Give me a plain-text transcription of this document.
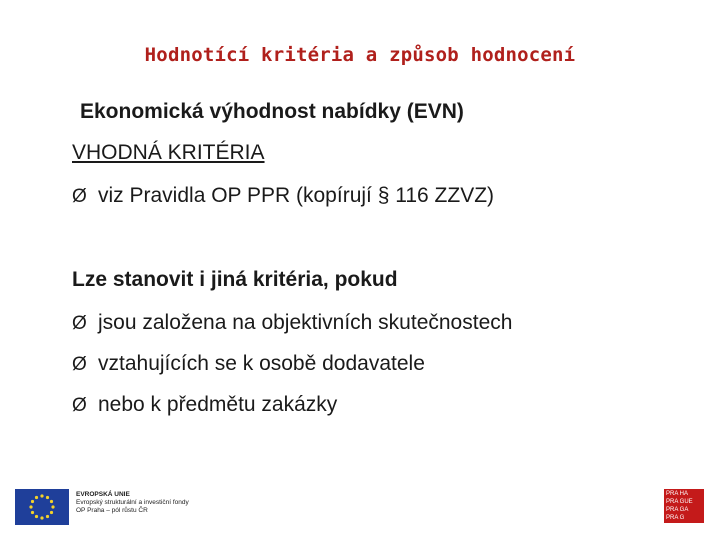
Hodnotící kritéria a způsob hodnocení
Ekonomická výhodnost nabídky (EVN)
VHODNÁ KRITÉRIA
Ø viz Pravidla OP PPR (kopírují § 116 ZZVZ)
Lze stanovit i jiná kritéria, pokud
Ø jsou založena na objektivních skutečnostech
Ø vztahujících se k osobě dodavatele
Ø nebo k předmětu zakázky
EVROPSKÁ UNIE
Evropský strukturální a investiční fondy
OP Praha – pól růstu ČR
PRA HA
PRA GUE
PRA GA
PRA G
